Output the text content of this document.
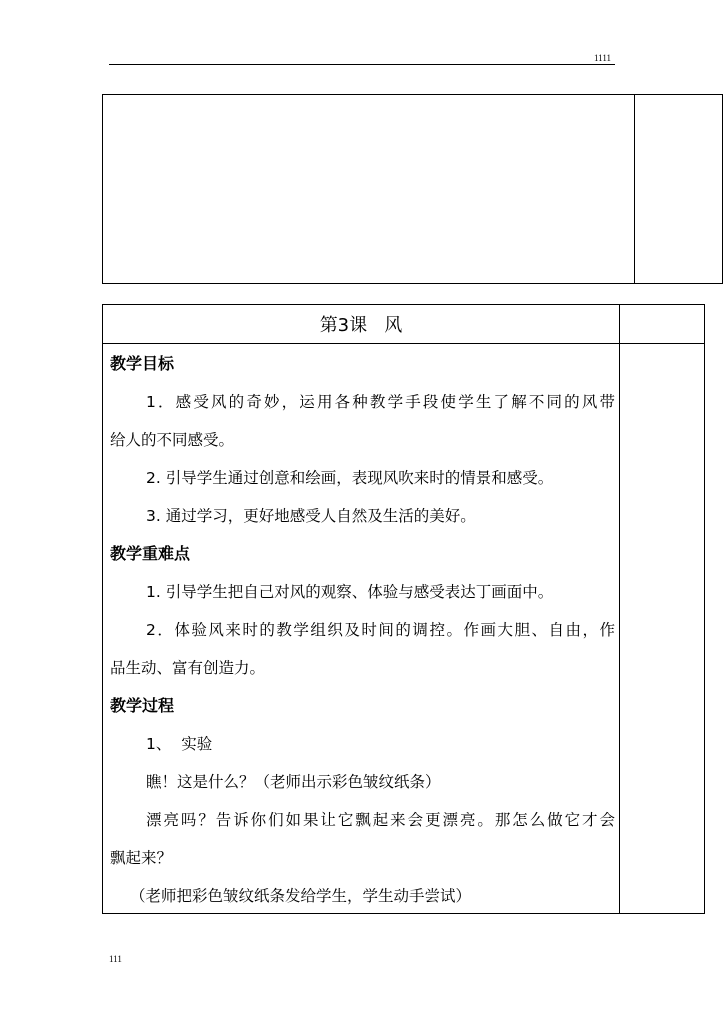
1111
第3课   风
教学目标
1．感受风的奇妙，运用各种教学手段使学生了解不同的风带
给人的不同感受。
2. 引导学生通过创意和绘画，表现风吹来时的情景和感受。
3. 通过学习，更好地感受人自然及生活的美好。
教学重难点
1. 引导学生把自己对风的观察、体验与感受表达丁画面中。
2．体验风来时的教学组织及时间的调控。作画大胆、自由，作
品生动、富有创造力。
教学过程
1、  实验
瞧！这是什么？（老师出示彩色皱纹纸条）
漂亮吗？告诉你们如果让它飘起来会更漂亮。那怎么做它才会
飘起来？
（老师把彩色皱纹纸条发给学生，学生动手尝试）
111
